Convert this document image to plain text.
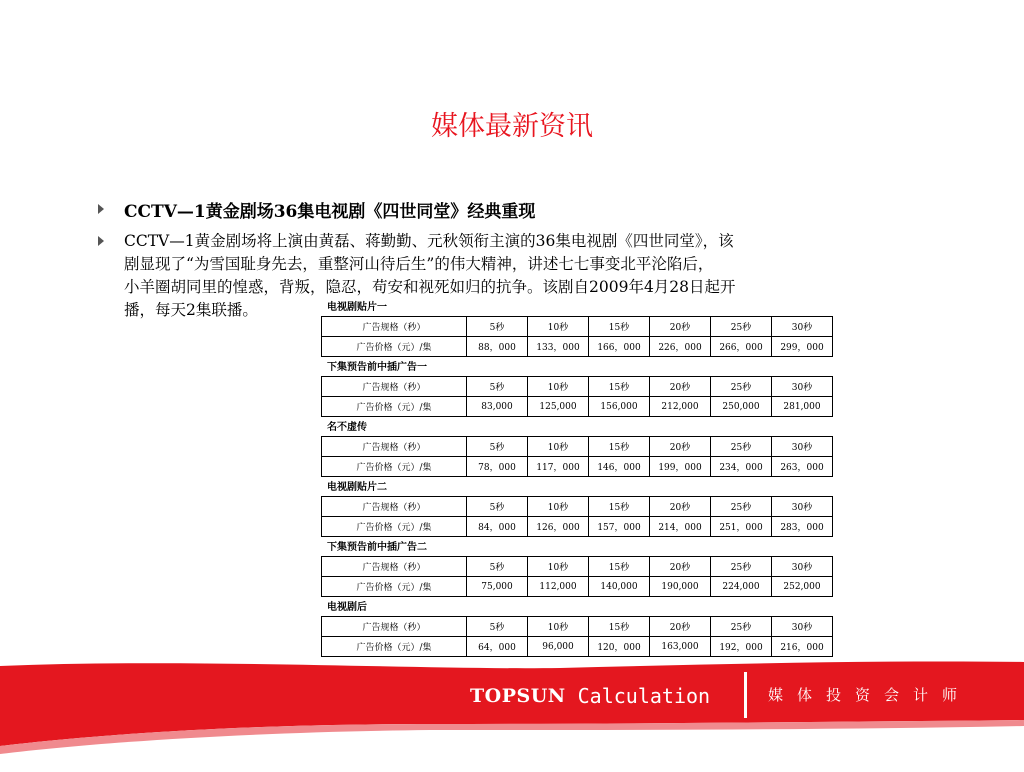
媒体最新资讯
CCTV—1黄金剧场36集电视剧《四世同堂》经典重现
CCTV—1黄金剧场将上演由黄磊、蒋勤勤、元秋领衔主演的36集电视剧《四世同堂》，该
剧显现了“为雪国耻身先去，重整河山待后生”的伟大精神，讲述七七事变北平沦陷后，
小羊圈胡同里的惶惑，背叛，隐忍，苟安和视死如归的抗争。该剧自2009年4月28日起开
播，每天2集联播。	电视剧贴片一
广告规格（秒）	5秒	10秒	15秒	20秒	25秒	30秒
广告价格（元）/集	88，000	133，000	166，000	226，000	266，000	299，000
下集预告前中插广告一
广告规格（秒）	5秒	10秒	15秒	20秒	25秒	30秒
广告价格（元）/集	83,000	125,000	156,000	212,000	250,000	281,000
名不虚传
广告规格（秒）	5秒	10秒	15秒	20秒	25秒	30秒
广告价格（元）/集	78，000	117，000	146，000	199，000	234，000	263，000
电视剧贴片二
广告规格（秒）	5秒	10秒	15秒	20秒	25秒	30秒
广告价格（元）/集	84，000	126，000	157，000	214，000	251，000	283，000
下集预告前中插广告二
广告规格（秒）	5秒	10秒	15秒	20秒	25秒	30秒
广告价格（元）/集	75,000	112,000	140,000	190,000	224,000	252,000
电视剧后
广告规格（秒）	5秒	10秒	15秒	20秒	25秒	30秒
广告价格（元）/集	64，000	96,000	120，000	163,000	192，000	216，000
TOPSUN Calculation	媒体投资会计师
